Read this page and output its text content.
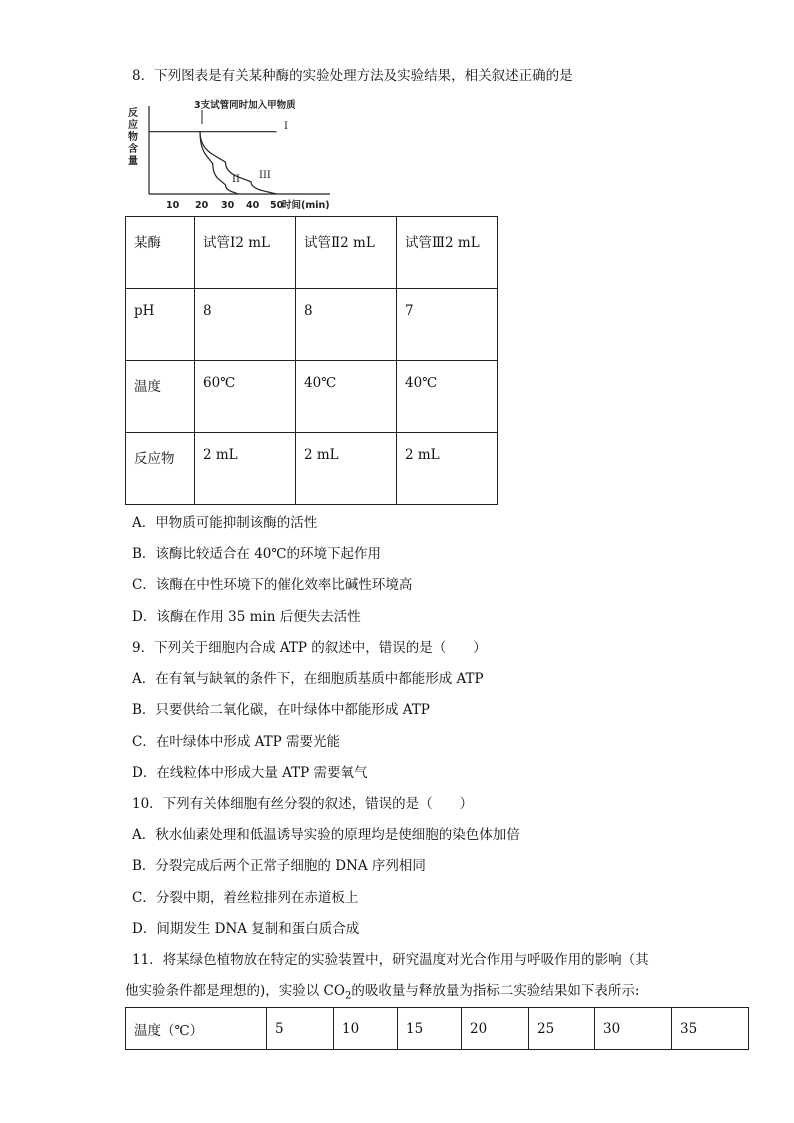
8．下列图表是有关某种酶的实验处理方法及实验结果，相关叙述正确的是
反
应
物
含
量
3支试管同时加入甲物质
I
II III
10 20 30 40 50
时间(min)
某酶	试管Ⅰ2 mL	试管Ⅱ2 mL	试管Ⅲ2 mL
pH	8	8	7
温度	60℃	40℃	40℃
反应物	2 mL	2 mL	2 mL
A．甲物质可能抑制该酶的活性
B．该酶比较适合在 40℃的环境下起作用
C．该酶在中性环境下的催化效率比碱性环境高
D．该酶在作用 35 min 后便失去活性
9．下列关于细胞内合成 ATP 的叙述中，错误的是（　　）
A．在有氧与缺氧的条件下，在细胞质基质中都能形成 ATP
B．只要供给二氧化碳，在叶绿体中都能形成 ATP
C．在叶绿体中形成 ATP 需要光能
D．在线粒体中形成大量 ATP 需要氧气
10．下列有关体细胞有丝分裂的叙述，错误的是（　　）
A．秋水仙素处理和低温诱导实验的原理均是使细胞的染色体加倍
B．分裂完成后两个正常子细胞的 DNA 序列相同
C．分裂中期，着丝粒排列在赤道板上
D．间期发生 DNA 复制和蛋白质合成
11．将某绿色植物放在特定的实验装置中，研究温度对光合作用与呼吸作用的影响（其
他实验条件都是理想的)，实验以 $CO_2$的吸收量与释放量为指标二实验结果如下表所示:
温度（℃）	5	10	15	20	25	30	35
